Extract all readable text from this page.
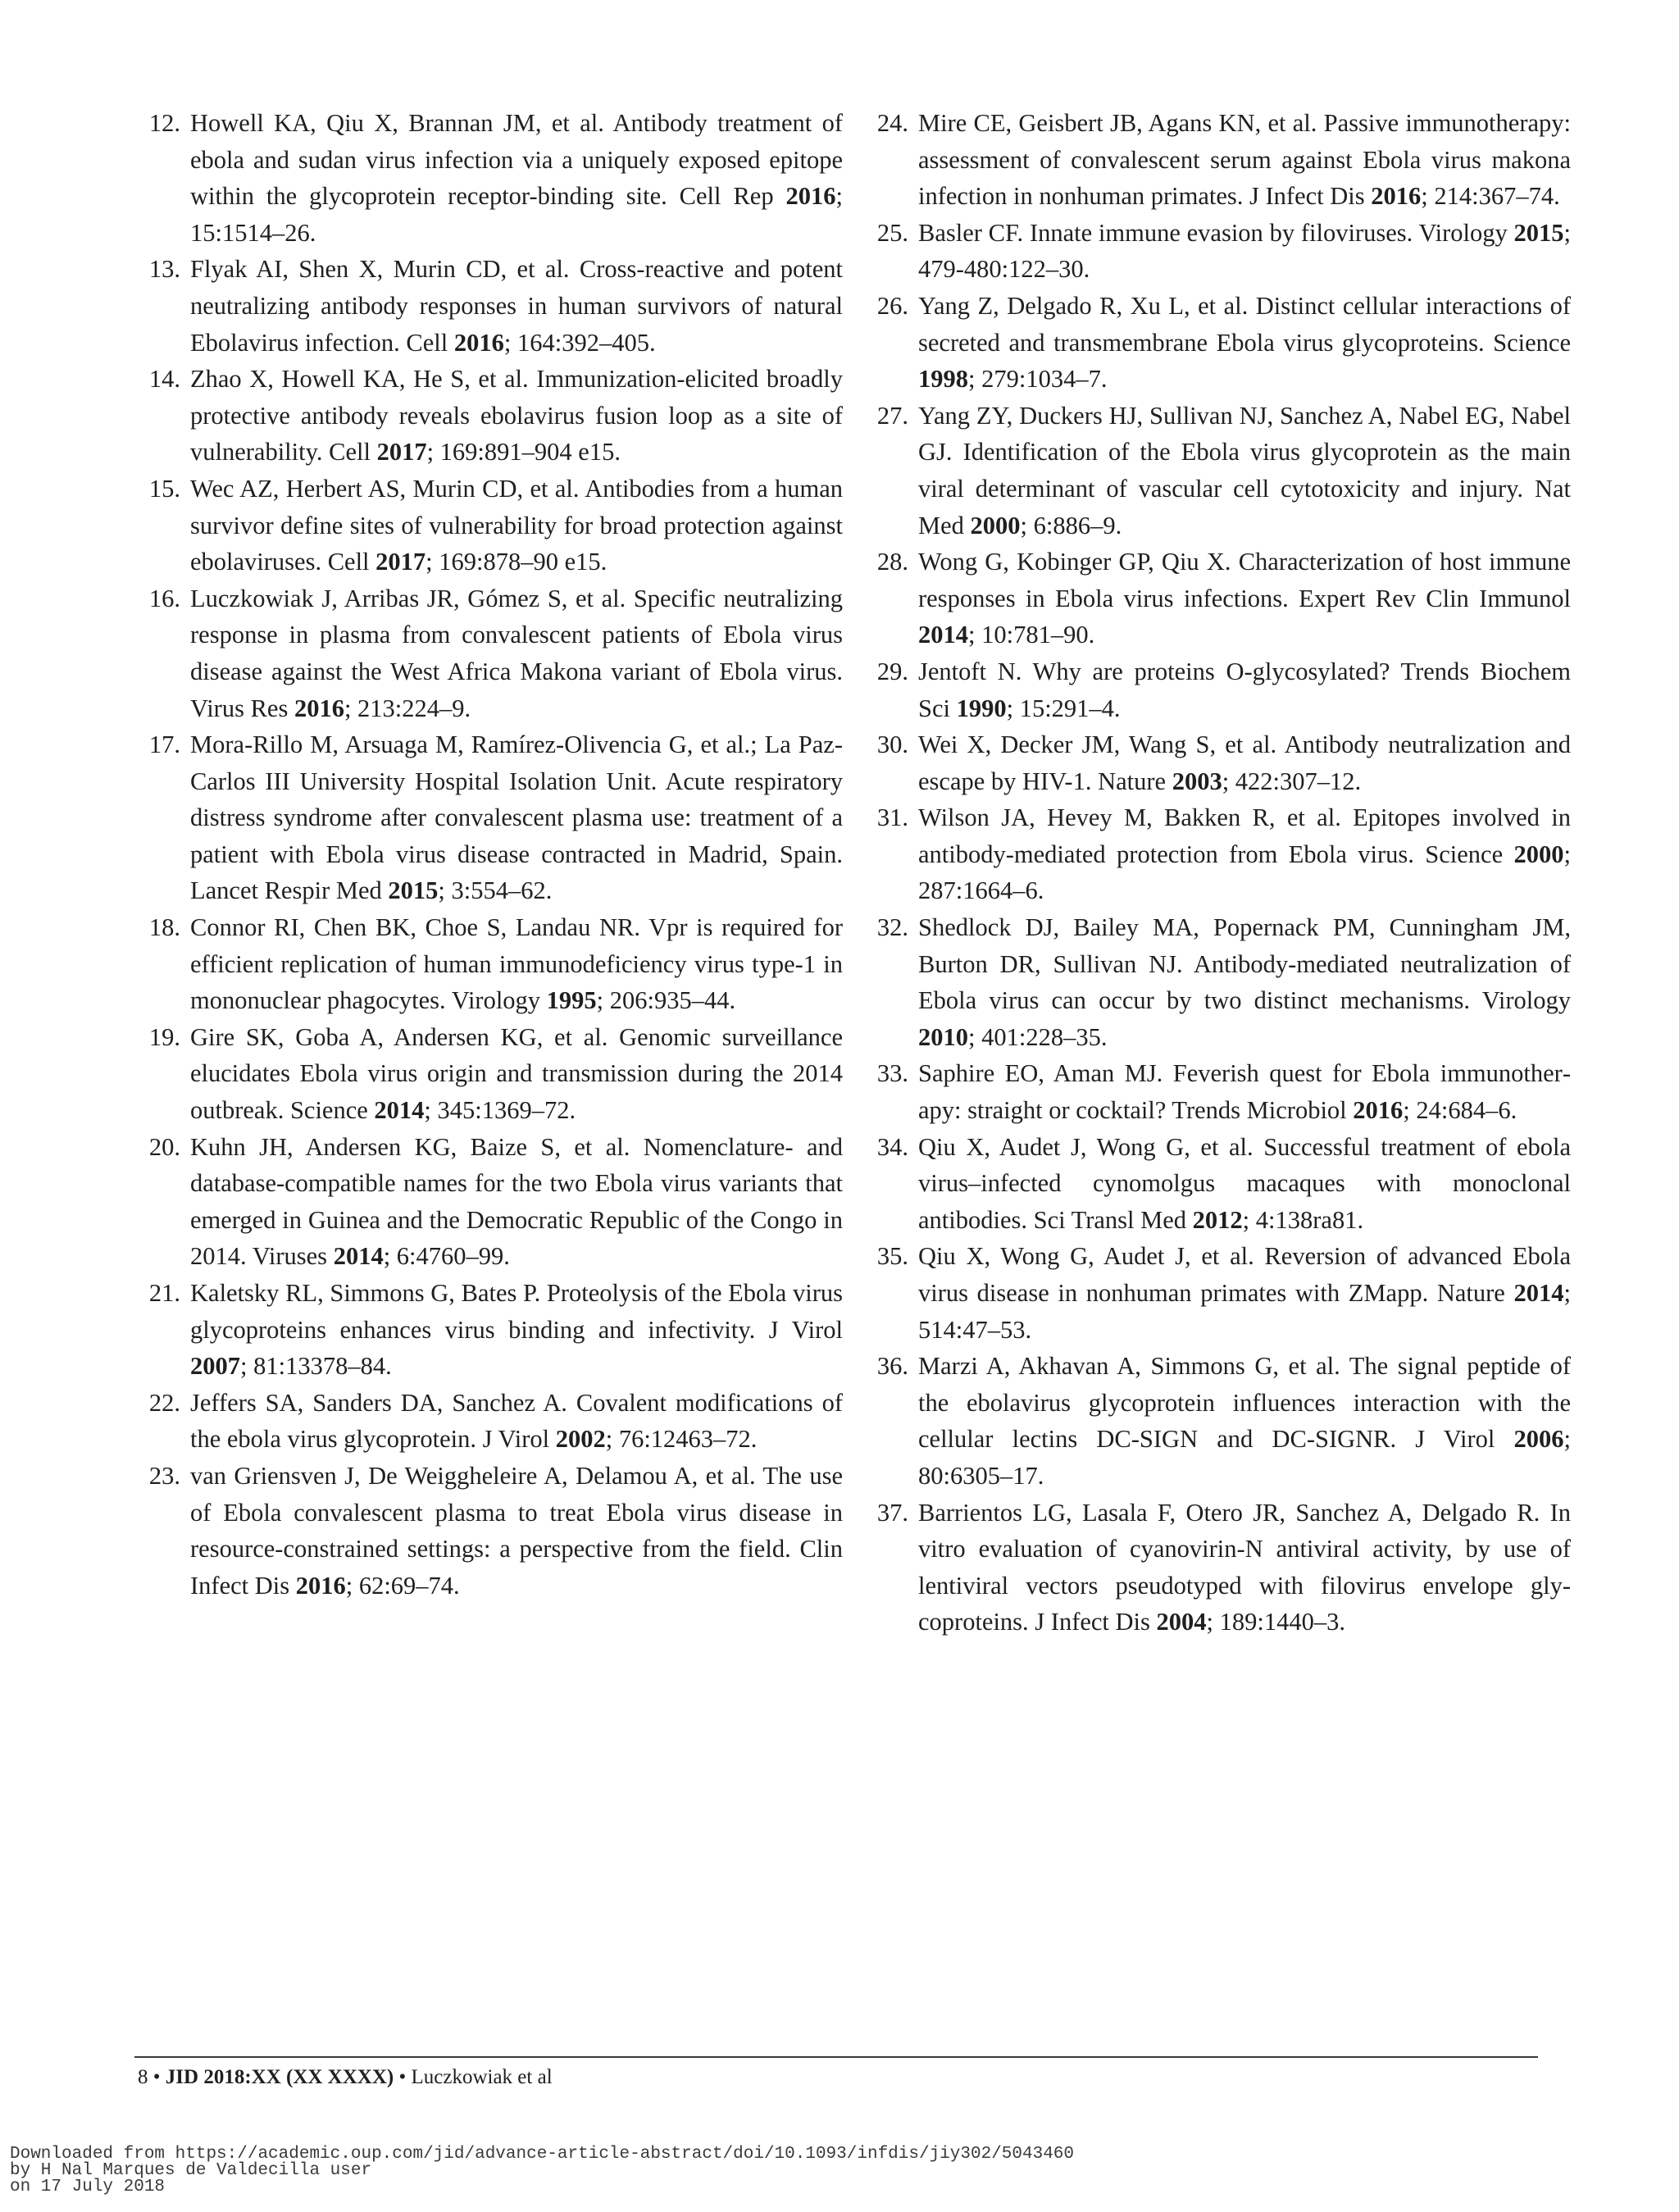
12. Howell KA, Qiu X, Brannan JM, et al. Antibody treatment of ebola and sudan virus infection via a uniquely exposed epitope within the glycoprotein receptor-binding site. Cell Rep 2016; 15:1514–26.
13. Flyak AI, Shen X, Murin CD, et al. Cross-reactive and potent neutralizing antibody responses in human survivors of natural Ebolavirus infection. Cell 2016; 164:392–405.
14. Zhao X, Howell KA, He S, et al. Immunization-elicited broadly protective antibody reveals ebolavirus fusion loop as a site of vulnerability. Cell 2017; 169:891–904 e15.
15. Wec AZ, Herbert AS, Murin CD, et al. Antibodies from a human survivor define sites of vulnerability for broad protection against ebolaviruses. Cell 2017; 169:878–90 e15.
16. Luczkowiak J, Arribas JR, Gómez S, et al. Specific neutralizing response in plasma from convalescent patients of Ebola virus disease against the West Africa Makona variant of Ebola virus. Virus Res 2016; 213:224–9.
17. Mora-Rillo M, Arsuaga M, Ramírez-Olivencia G, et al.; La Paz-Carlos III University Hospital Isolation Unit. Acute respiratory distress syndrome after convalescent plasma use: treatment of a patient with Ebola virus disease contracted in Madrid, Spain. Lancet Respir Med 2015; 3:554–62.
18. Connor RI, Chen BK, Choe S, Landau NR. Vpr is required for efficient replication of human immunodeficiency virus type-1 in mononuclear phagocytes. Virology 1995; 206:935–44.
19. Gire SK, Goba A, Andersen KG, et al. Genomic surveillance elucidates Ebola virus origin and transmission during the 2014 outbreak. Science 2014; 345:1369–72.
20. Kuhn JH, Andersen KG, Baize S, et al. Nomenclature- and database-compatible names for the two Ebola virus variants that emerged in Guinea and the Democratic Republic of the Congo in 2014. Viruses 2014; 6:4760–99.
21. Kaletsky RL, Simmons G, Bates P. Proteolysis of the Ebola virus glycoproteins enhances virus binding and infectivity. J Virol 2007; 81:13378–84.
22. Jeffers SA, Sanders DA, Sanchez A. Covalent modifications of the ebola virus glycoprotein. J Virol 2002; 76:12463–72.
23. van Griensven J, De Weiggheleire A, Delamou A, et al. The use of Ebola convalescent plasma to treat Ebola virus disease in resource-constrained settings: a perspective from the field. Clin Infect Dis 2016; 62:69–74.
24. Mire CE, Geisbert JB, Agans KN, et al. Passive immunotherapy: assessment of convalescent serum against Ebola virus makona infection in nonhuman primates. J Infect Dis 2016; 214:367–74.
25. Basler CF. Innate immune evasion by filoviruses. Virology 2015; 479-480:122–30.
26. Yang Z, Delgado R, Xu L, et al. Distinct cellular interactions of secreted and transmembrane Ebola virus glycoproteins. Science 1998; 279:1034–7.
27. Yang ZY, Duckers HJ, Sullivan NJ, Sanchez A, Nabel EG, Nabel GJ. Identification of the Ebola virus glycoprotein as the main viral determinant of vascular cell cytotoxicity and injury. Nat Med 2000; 6:886–9.
28. Wong G, Kobinger GP, Qiu X. Characterization of host immune responses in Ebola virus infections. Expert Rev Clin Immunol 2014; 10:781–90.
29. Jentoft N. Why are proteins O-glycosylated? Trends Biochem Sci 1990; 15:291–4.
30. Wei X, Decker JM, Wang S, et al. Antibody neutralization and escape by HIV-1. Nature 2003; 422:307–12.
31. Wilson JA, Hevey M, Bakken R, et al. Epitopes involved in antibody-mediated protection from Ebola virus. Science 2000; 287:1664–6.
32. Shedlock DJ, Bailey MA, Popernack PM, Cunningham JM, Burton DR, Sullivan NJ. Antibody-mediated neutralization of Ebola virus can occur by two distinct mechanisms. Virology 2010; 401:228–35.
33. Saphire EO, Aman MJ. Feverish quest for Ebola immunotherapy: straight or cocktail? Trends Microbiol 2016; 24:684–6.
34. Qiu X, Audet J, Wong G, et al. Successful treatment of ebola virus–infected cynomolgus macaques with monoclonal antibodies. Sci Transl Med 2012; 4:138ra81.
35. Qiu X, Wong G, Audet J, et al. Reversion of advanced Ebola virus disease in nonhuman primates with ZMapp. Nature 2014; 514:47–53.
36. Marzi A, Akhavan A, Simmons G, et al. The signal peptide of the ebolavirus glycoprotein influences interaction with the cellular lectins DC-SIGN and DC-SIGNR. J Virol 2006; 80:6305–17.
37. Barrientos LG, Lasala F, Otero JR, Sanchez A, Delgado R. In vitro evaluation of cyanovirin-N antiviral activity, by use of lentiviral vectors pseudotyped with filovirus envelope glycoproteins. J Infect Dis 2004; 189:1440–3.
8 • JID 2018:XX (XX XXXX) • Luczkowiak et al
Downloaded from https://academic.oup.com/jid/advance-article-abstract/doi/10.1093/infdis/jiy302/5043460
by H Nal Marques de Valdecilla user
on 17 July 2018
